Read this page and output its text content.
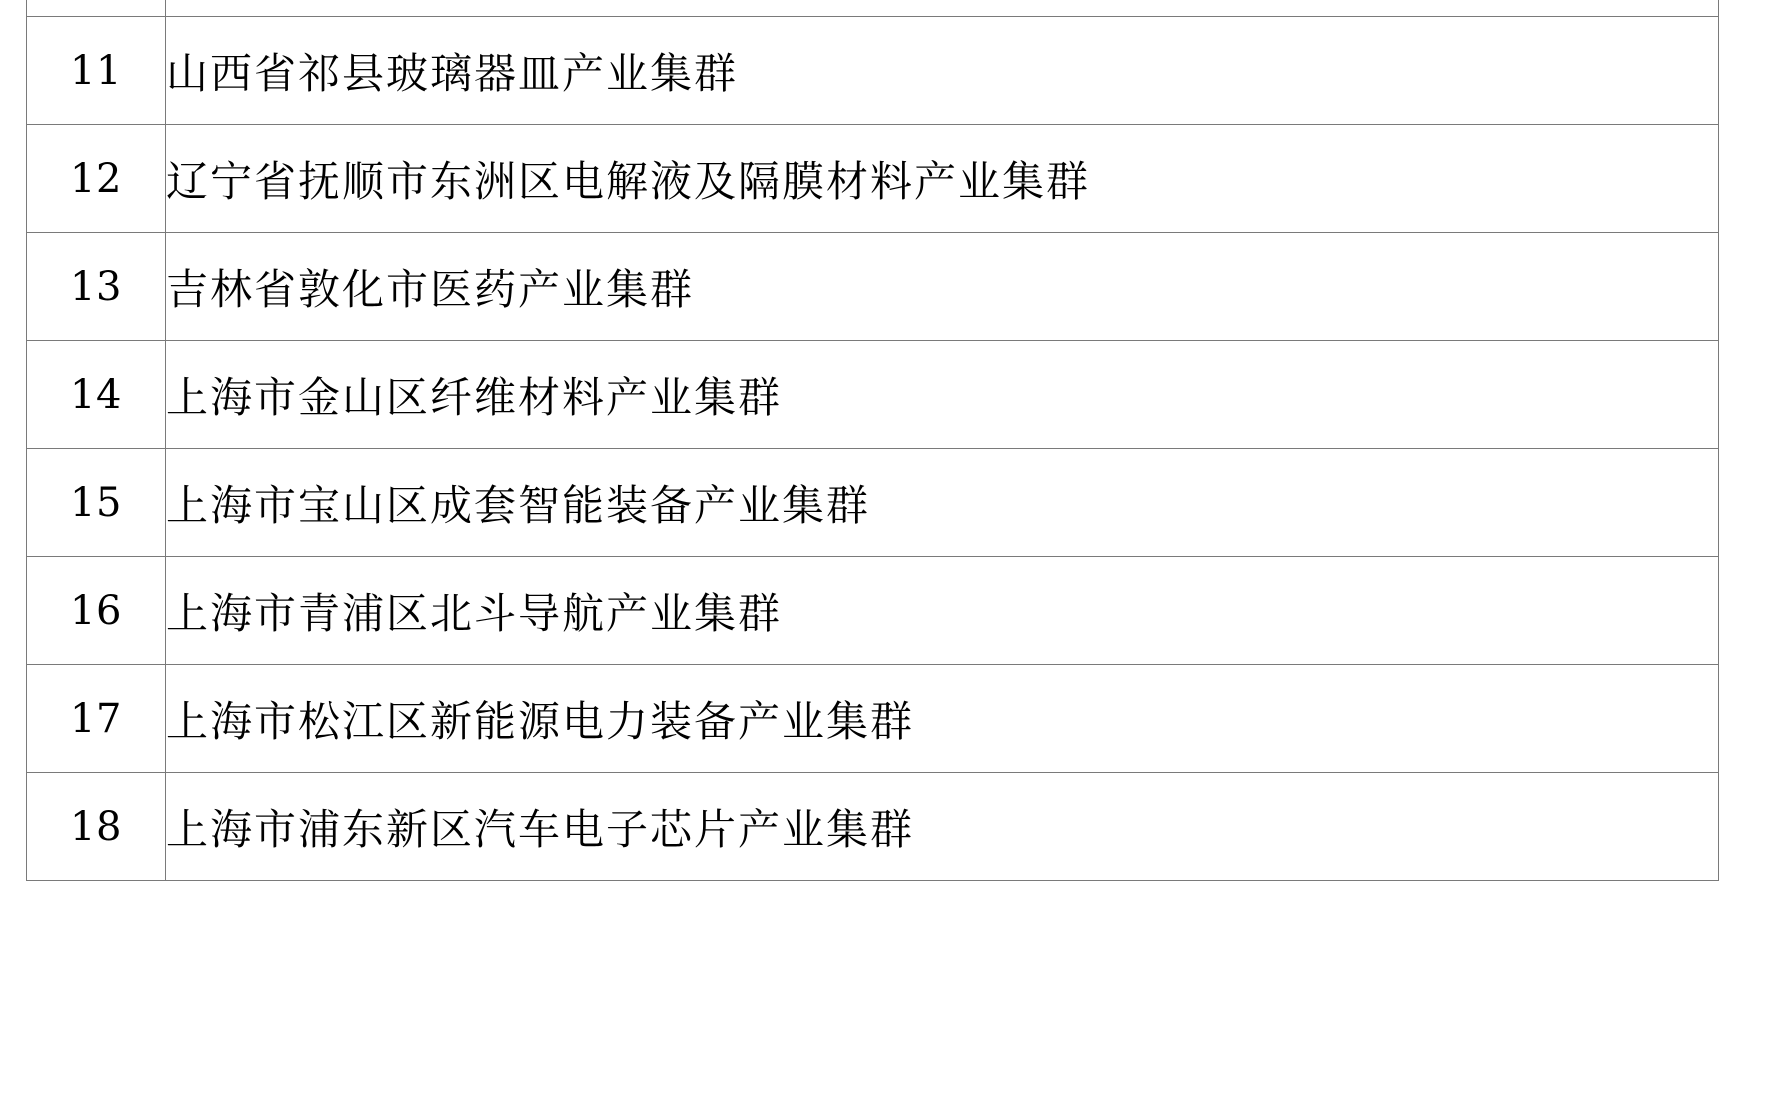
11	山西省祁县玻璃器皿产业集群
12	辽宁省抚顺市东洲区电解液及隔膜材料产业集群
13	吉林省敦化市医药产业集群
14	上海市金山区纤维材料产业集群
15	上海市宝山区成套智能装备产业集群
16	上海市青浦区北斗导航产业集群
17	上海市松江区新能源电力装备产业集群
18	上海市浦东新区汽车电子芯片产业集群
